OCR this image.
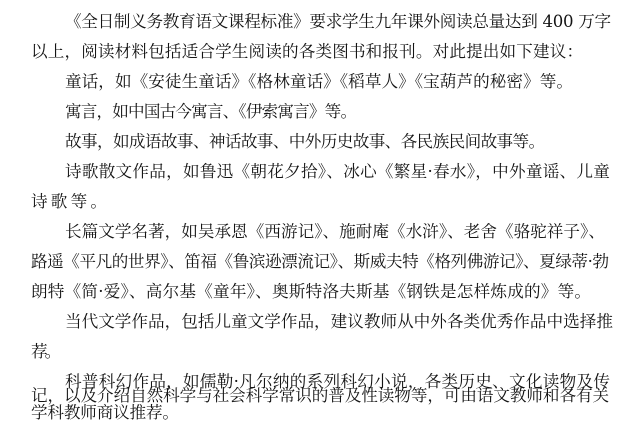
《全日制义务教育语文课程标准》要求学生九年课外阅读总量达到 400 万字
以上，阅读材料包括适合学生阅读的各类图书和报刊。对此提出如下建议：
童话，如《安徒生童话》《格林童话》《稻草人》《宝葫芦的秘密》等。
寓言，如中国古今寓言、《伊索寓言》等。
故事，如成语故事、神话故事、中外历史故事、各民族民间故事等。
诗歌散文作品，如鲁迅《朝花夕拾》、冰心《繁星·春水》，中外童谣、儿童
诗歌等。
长篇文学名著，如吴承恩《西游记》、施耐庵《水浒》、老舍《骆驼祥子》、
路遥《平凡的世界》、笛福《鲁滨逊漂流记》、斯威夫特《格列佛游记》、夏绿蒂·勃
朗特《简·爱》、高尔基《童年》、奥斯特洛夫斯基《钢铁是怎样炼成的》等。
当代文学作品，包括儿童文学作品，建议教师从中外各类优秀作品中选择推
荐。
科普科幻作品，如儒勒·凡尔纳的系列科幻小说，各类历史、文化读物及传
记，以及介绍自然科学与社会科学常识的普及性读物等，可由语文教师和各有关
学科教师商议推荐。
